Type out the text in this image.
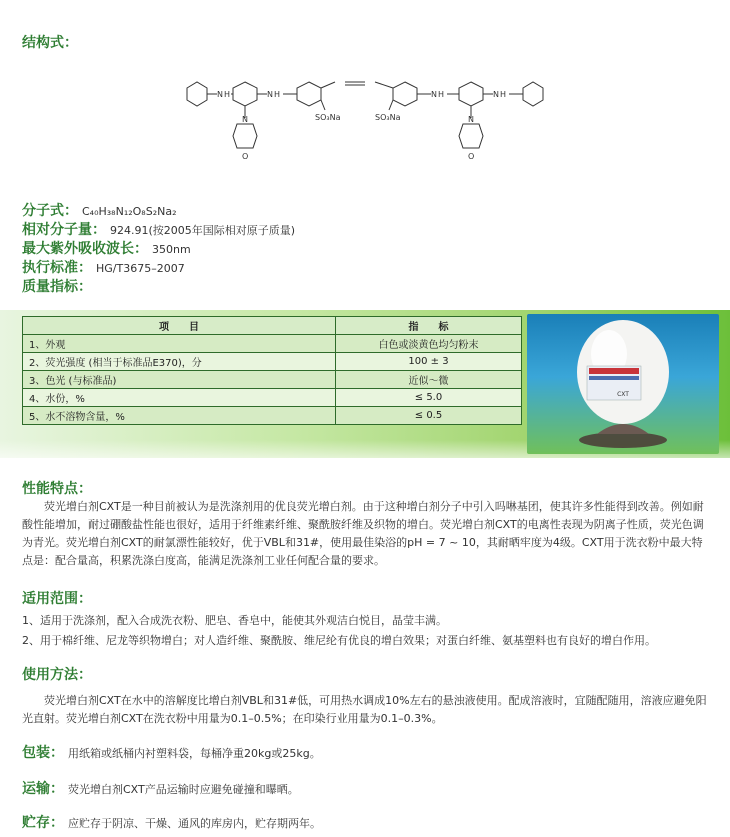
结构式：
N H	N H	N H	N H
N
O
N
O
SO₃Na	SO₃Na
分子式： C₄₀H₃₈N₁₂O₈S₂Na₂
相对分子量： 924.91(按2005年国际相对原子质量)
最大紫外吸收波长： 350nm
执行标准： HG/T3675–2007
质量指标：
项　　目	指　　标
1、外观	白色或淡黄色均匀粉末
2、荧光强度 (相当于标准品E370)，分	100 ± 3
3、色光 (与标准品)	近似～微
4、水份，%	≤ 5.0
5、水不溶物含量，%	≤ 0.5
CXT
性能特点：
荧光增白剂CXT是一种目前被认为是洗涤剂用的优良荧光增白剂。由于这种增白剂分子中引入吗啉基团，使其许多性能得到改善。例如耐酸性能增加，耐过硼酸盐性能也很好，适用于纤维素纤维、聚酰胺纤维及织物的增白。荧光增白剂CXT的电离性表现为阴离子性质，荧光色调为青光。荧光增白剂CXT的耐氯漂性能较好，优于VBL和31#，使用最佳染浴的pH = 7 ~ 10，其耐晒牢度为4级。CXT用于洗衣粉中最大特点是：配合量高，积累洗涤白度高，能满足洗涤剂工业任何配合量的要求。
适用范围：
1、适用于洗涤剂，配入合成洗衣粉、肥皂、香皂中，能使其外观洁白悦目，晶莹丰满。
2、用于棉纤维、尼龙等织物增白；对人造纤维、聚酰胺、维尼纶有优良的增白效果；对蛋白纤维、氨基塑料也有良好的增白作用。
使用方法：
荧光增白剂CXT在水中的溶解度比增白剂VBL和31#低，可用热水调成10%左右的悬浊液使用。配成溶液时，宜随配随用，溶液应避免阳光直射。荧光增白剂CXT在洗衣粉中用量为0.1–0.5%；在印染行业用量为0.1–0.3%。
包装： 用纸箱或纸桶内衬塑料袋，每桶净重20kg或25kg。
运输： 荧光增白剂CXT产品运输时应避免碰撞和曝晒。
贮存： 应贮存于阴凉、干燥、通风的库房内，贮存期两年。
